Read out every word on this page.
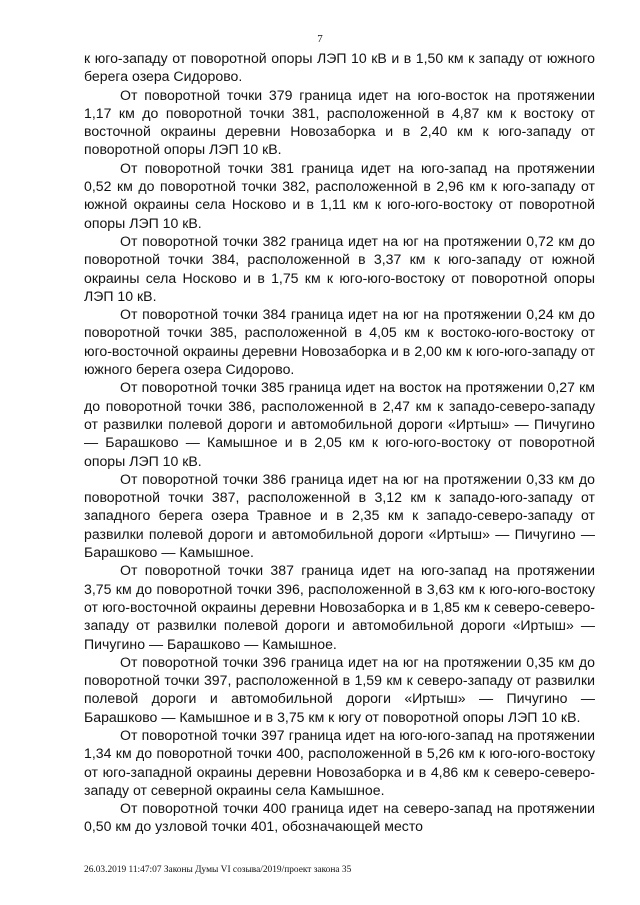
7

к юго-западу от поворотной опоры ЛЭП 10 кВ и в 1,50 км к западу от южного берега озера Сидорово.

От поворотной точки 379 граница идет на юго-восток на протяжении 1,17 км до поворотной точки 381, расположенной в 4,87 км к востоку от восточной окраины деревни Новозаборка и в 2,40 км к юго-западу от поворотной опоры ЛЭП 10 кВ.

От поворотной точки 381 граница идет на юго-запад на протяжении 0,52 км до поворотной точки 382, расположенной в 2,96 км к юго-западу от южной окраины села Носково и в 1,11 км к юго-юго-востоку от поворотной опоры ЛЭП 10 кВ.

От поворотной точки 382 граница идет на юг на протяжении 0,72 км до поворотной точки 384, расположенной в 3,37 км к юго-западу от южной окраины села Носково и в 1,75 км к юго-юго-востоку от поворотной опоры ЛЭП 10 кВ.

От поворотной точки 384 граница идет на юг на протяжении 0,24 км до поворотной точки 385, расположенной в 4,05 км к востоко-юго-востоку от юго-восточной окраины деревни Новозаборка и в 2,00 км к юго-юго-западу от южного берега озера Сидорово.

От поворотной точки 385 граница идет на восток на протяжении 0,27 км до поворотной точки 386, расположенной в 2,47 км к западо-северо-западу от развилки полевой дороги и автомобильной дороги «Иртыш» — Пичугино — Барашково — Камышное и в 2,05 км к юго-юго-востоку от поворотной опоры ЛЭП 10 кВ.

От поворотной точки 386 граница идет на юг на протяжении 0,33 км до поворотной точки 387, расположенной в 3,12 км к западо-юго-западу от западного берега озера Травное и в 2,35 км к западо-северо-западу от развилки полевой дороги и автомобильной дороги «Иртыш» — Пичугино — Барашково — Камышное.

От поворотной точки 387 граница идет на юго-запад на протяжении 3,75 км до поворотной точки 396, расположенной в 3,63 км к юго-юго-востоку от юго-восточной окраины деревни Новозаборка и в 1,85 км к северо-северо-западу от развилки полевой дороги и автомобильной дороги «Иртыш» — Пичугино — Барашково — Камышное.

От поворотной точки 396 граница идет на юг на протяжении 0,35 км до поворотной точки 397, расположенной в 1,59 км к северо-западу от развилки полевой дороги и автомобильной дороги «Иртыш» — Пичугино — Барашково — Камышное и в 3,75 км к югу от поворотной опоры ЛЭП 10 кВ.

От поворотной точки 397 граница идет на юго-юго-запад на протяжении 1,34 км до поворотной точки 400, расположенной в 5,26 км к юго-юго-востоку от юго-западной окраины деревни Новозаборка и в 4,86 км к северо-северо-западу от северной окраины села Камышное.

От поворотной точки 400 граница идет на северо-запад на протяжении 0,50 км до узловой точки 401, обозначающей место

26.03.2019 11:47:07 Законы Думы VI созыва/2019/проект закона 35
